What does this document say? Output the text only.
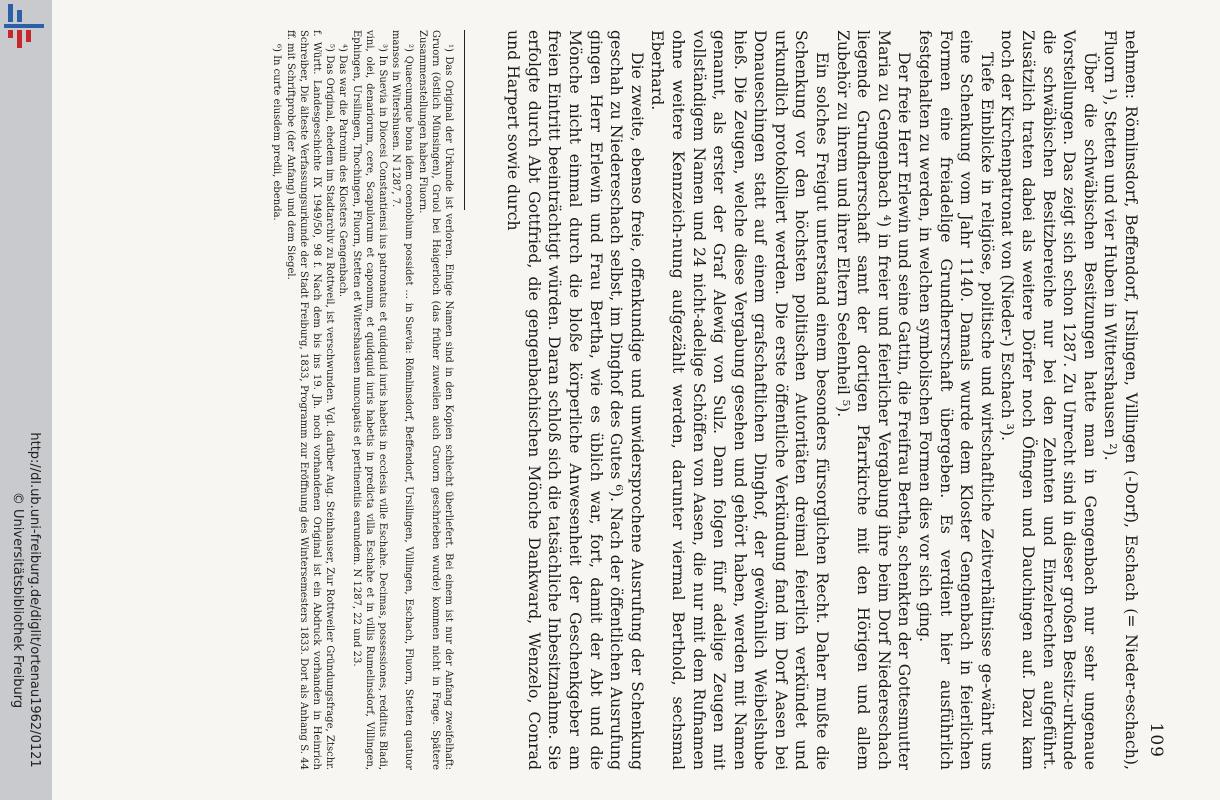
http://dl.ub.uni-freiburg.de/diglit/ortenau1962/0121
© Universitätsbibliothek Freiburg
109

nehmen: Römlinsdorf, Beffendorf, Irslingen, Villingen (-Dorf), Eschach (= Nieder-eschach), Fluorn ¹), Stetten und vier Huben in Wittershausen ²).

Über die schwäbischen Besitzungen hatte man in Gengenbach nur sehr ungenaue Vorstellungen. Das zeigt sich schon 1287. Zu Unrecht sind in dieser großen Besitz-urkunde die schwäbischen Besitzbereiche nur bei den Zehnten und Einzelrechten aufgeführt. Zusätzlich traten dabei als weitere Dörfer noch Öfingen und Dauchingen auf. Dazu kam noch der Kirchenpatronat von (Nieder-) Eschach ³).

Tiefe Einblicke in religiöse, politische und wirtschaftliche Zeitverhältnisse ge-währt uns eine Schenkung vom Jahr 1140. Damals wurde dem Kloster Gengenbach in feierlichen Formen eine freiadelige Grundherrschaft übergeben. Es verdient hier ausführlich festgehalten zu werden, in welchen symbolischen Formen dies vor sich ging.

Der freie Herr Erlewin und seine Gattin, die Freifrau Bertha, schenkten der Gottesmutter Maria zu Gengenbach ⁴) in freier und feierlicher Vergabung ihre beim Dorf Niedereschach liegende Grundherrschaft samt der dortigen Pfarrkirche mit den Hörigen und allem Zubehör zu ihrem und ihrer Eltern Seelenheil ⁵).

Ein solches Freigut unterstand einem besonders fürsorglichen Recht. Daher mußte die Schenkung vor den höchsten politischen Autoritäten dreimal feierlich verkündet und urkundlich protokolliert werden. Die erste öffentliche Verkündung fand im Dorf Aasen bei Donaueschingen statt auf einem grafschaftlichen Dinghof, der gewöhnlich Weibelshube hieß. Die Zeugen, welche diese Vergabung gesehen und gehört haben, werden mit Namen genannt, als erster der Graf Alewig von Sulz. Dann folgen fünf adelige Zeugen mit vollständigem Namen und 24 nicht-adelige Schöffen von Aasen, die nur mit dem Rufnamen ohne weitere Kennzeich-nung aufgezählt werden, darunter viermal Berthold, sechsmal Eberhard.

Die zweite, ebenso freie, offenkundige und unwidersprochene Ausrufung der Schenkung geschah zu Niedereschach selbst, im Dinghof des Gutes ⁶). Nach der öffentlichen Ausrufung gingen Herr Erlewin und Frau Bertha, wie es üblich war, fort, damit der Abt und die Mönche nicht einmal durch die bloße körperliche Anwesenheit der Geschenkgeber am freien Eintritt beeinträchtigt würden. Daran schloß sich die tatsächliche Inbesitznahme. Sie erfolgte durch Abt Gottfried, die gengenbachischen Mönche Dankward, Wenzelo, Conrad und Harpert sowie durch

¹) Das Original der Urkunde ist verloren. Einige Namen sind in den Kopien schlecht überliefert. Bei einem ist nur der Anfang zweifelhaft: Gruorn (östlich Münsingen), Gruol bei Haigerloch (das früher zuweilen auch Gruorn geschrieben wurde) kommen nicht in Frage. Spätere Zusammenstellungen haben Fluorn.

²) Quaecumque bona idem coenobium possidet ... in Suevia: Römlinsdorf, Beffendorf, Ursilingen, Villingen, Eschach, Fluorn, Stetten quatuor mansos in Witershusen. N 1287, 7.

³) In Suevia in Diocesi Constantiensi ius patronatus et quidquid iuris habetis in ecclesia ville Eschahe. Decimas, possessiones, redditus Bladi, vini, olei, denariorum, cere, Scapulorum et caponum, et quidquid iuris habetis in predicta villa Eschahe et in villis Rumelinsdorf, Villingen, Ephingen, Ursilingen, Thochingen, Fluorn, Stetten et Witershausen nuncupatis et pertinentiis earundem. N 1287, 22 und 23.

⁴) Das war die Patronin des Klosters Gengenbach.

⁵) Das Original, ehedem im Stadtarchiv zu Rottweil, ist verschwunden. Vgl. darüber Aug. Steinhauser, Zur Rottweiler Gründungsfrage, Ztschr. f. Württ. Landesgeschichte IX 1949/50, 98 f. Nach dem bis ins 19. Jh. noch vorhandenen Original ist ein Abdruck vorhanden in Heinrich Schreiber, Die älteste Verfassungsurkunde der Stadt Freiburg, 1833, Programm zur Eröffnung des Wintersemesters 1833. Dort als Anhang S. 44 ff. mit Schriftprobe (der Anfang) und dem Siegel.

⁶) In curte eiusdem predii, ebenda.
